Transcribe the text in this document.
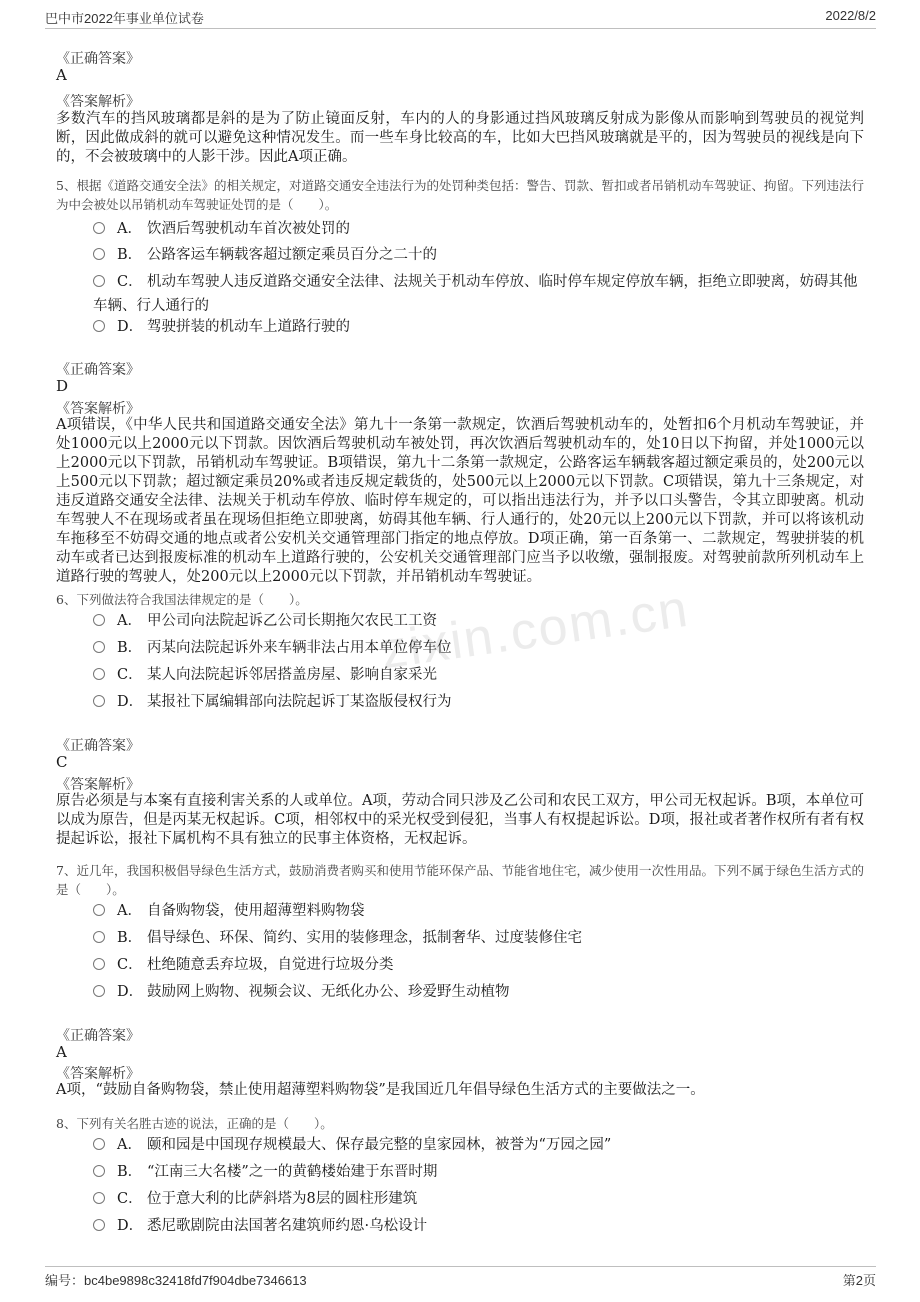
巴中市2022年事业单位试卷	2022/8/2
zixin.com.cn
《正确答案》
A
《答案解析》
多数汽车的挡风玻璃都是斜的是为了防止镜面反射，车内的人的身影通过挡风玻璃反射成为影像从而影响到驾驶员的视觉判断，因此做成斜的就可以避免这种情况发生。而一些车身比较高的车，比如大巴挡风玻璃就是平的，因为驾驶员的视线是向下的，不会被玻璃中的人影干涉。因此A项正确。
5、根据《道路交通安全法》的相关规定，对道路交通安全违法行为的处罚种类包括：警告、罚款、暂扣或者吊销机动车驾驶证、拘留。下列违法行为中会被处以吊销机动车驾驶证处罚的是（　　）。
A． 饮酒后驾驶机动车首次被处罚的
B． 公路客运车辆载客超过额定乘员百分之二十的
C． 机动车驾驶人违反道路交通安全法律、法规关于机动车停放、临时停车规定停放车辆，拒绝立即驶离，妨碍其他车辆、行人通行的
D． 驾驶拼装的机动车上道路行驶的
《正确答案》
D
《答案解析》
A项错误，《中华人民共和国道路交通安全法》第九十一条第一款规定，饮酒后驾驶机动车的，处暂扣6个月机动车驾驶证，并处1000元以上2000元以下罚款。因饮酒后驾驶机动车被处罚，再次饮酒后驾驶机动车的，处10日以下拘留，并处1000元以上2000元以下罚款，吊销机动车驾驶证。B项错误，第九十二条第一款规定，公路客运车辆载客超过额定乘员的，处200元以上500元以下罚款；超过额定乘员20%或者违反规定载货的，处500元以上2000元以下罚款。C项错误，第九十三条规定，对违反道路交通安全法律、法规关于机动车停放、临时停车规定的，可以指出违法行为，并予以口头警告，令其立即驶离。机动车驾驶人不在现场或者虽在现场但拒绝立即驶离，妨碍其他车辆、行人通行的，处20元以上200元以下罚款，并可以将该机动车拖移至不妨碍交通的地点或者公安机关交通管理部门指定的地点停放。D项正确，第一百条第一、二款规定，驾驶拼装的机动车或者已达到报废标准的机动车上道路行驶的，公安机关交通管理部门应当予以收缴，强制报废。对驾驶前款所列机动车上道路行驶的驾驶人，处200元以上2000元以下罚款，并吊销机动车驾驶证。
6、下列做法符合我国法律规定的是（　　）。
A． 甲公司向法院起诉乙公司长期拖欠农民工工资
B． 丙某向法院起诉外来车辆非法占用本单位停车位
C． 某人向法院起诉邻居搭盖房屋、影响自家采光
D． 某报社下属编辑部向法院起诉丁某盗版侵权行为
《正确答案》
C
《答案解析》
原告必须是与本案有直接利害关系的人或单位。A项，劳动合同只涉及乙公司和农民工双方，甲公司无权起诉。B项，本单位可以成为原告，但是丙某无权起诉。C项，相邻权中的采光权受到侵犯，当事人有权提起诉讼。D项，报社或者著作权所有者有权提起诉讼，报社下属机构不具有独立的民事主体资格，无权起诉。
7、近几年，我国积极倡导绿色生活方式，鼓励消费者购买和使用节能环保产品、节能省地住宅，减少使用一次性用品。下列不属于绿色生活方式的是（　　）。
A． 自备购物袋，使用超薄塑料购物袋
B． 倡导绿色、环保、简约、实用的装修理念，抵制奢华、过度装修住宅
C． 杜绝随意丢弃垃圾，自觉进行垃圾分类
D． 鼓励网上购物、视频会议、无纸化办公、珍爱野生动植物
《正确答案》
A
《答案解析》
A项，“鼓励自备购物袋，禁止使用超薄塑料购物袋”是我国近几年倡导绿色生活方式的主要做法之一。
8、下列有关名胜古迹的说法，正确的是（　　）。
A． 颐和园是中国现存规模最大、保存最完整的皇家园林，被誉为“万园之园”
B． “江南三大名楼”之一的黄鹤楼始建于东晋时期
C． 位于意大利的比萨斜塔为8层的圆柱形建筑
D． 悉尼歌剧院由法国著名建筑师约恩·乌松设计
编号：bc4be9898c32418fd7f904dbe7346613	第2页
